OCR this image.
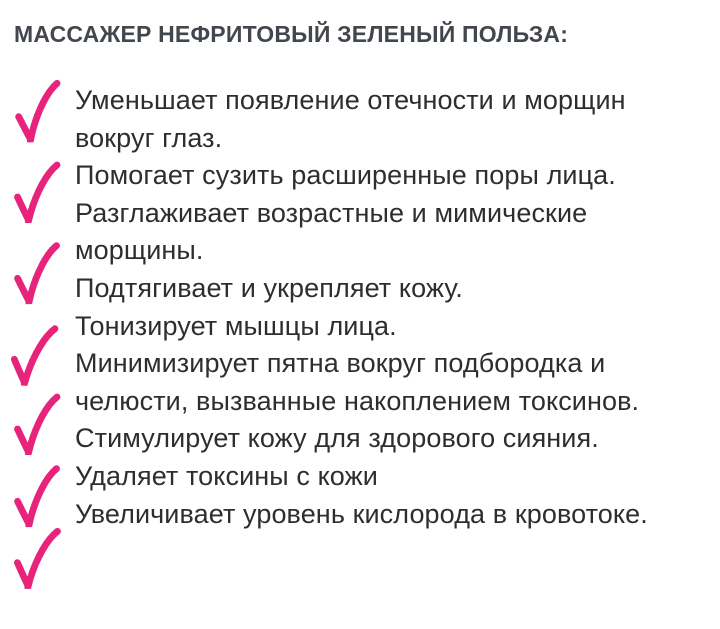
МАССАЖЕР НЕФРИТОВЫЙ ЗЕЛЕНЫЙ ПОЛЬЗА:
Уменьшает появление отечности и морщин
вокруг глаз.
Помогает сузить расширенные поры лица.
Разглаживает возрастные и мимические
морщины.
Подтягивает и укрепляет кожу.
Тонизирует мышцы лица.
Минимизирует пятна вокруг подбородка и
челюсти, вызванные накоплением токсинов.
Стимулирует кожу для здорового сияния.
Удаляет токсины с кожи
Увеличивает уровень кислорода в кровотоке.
